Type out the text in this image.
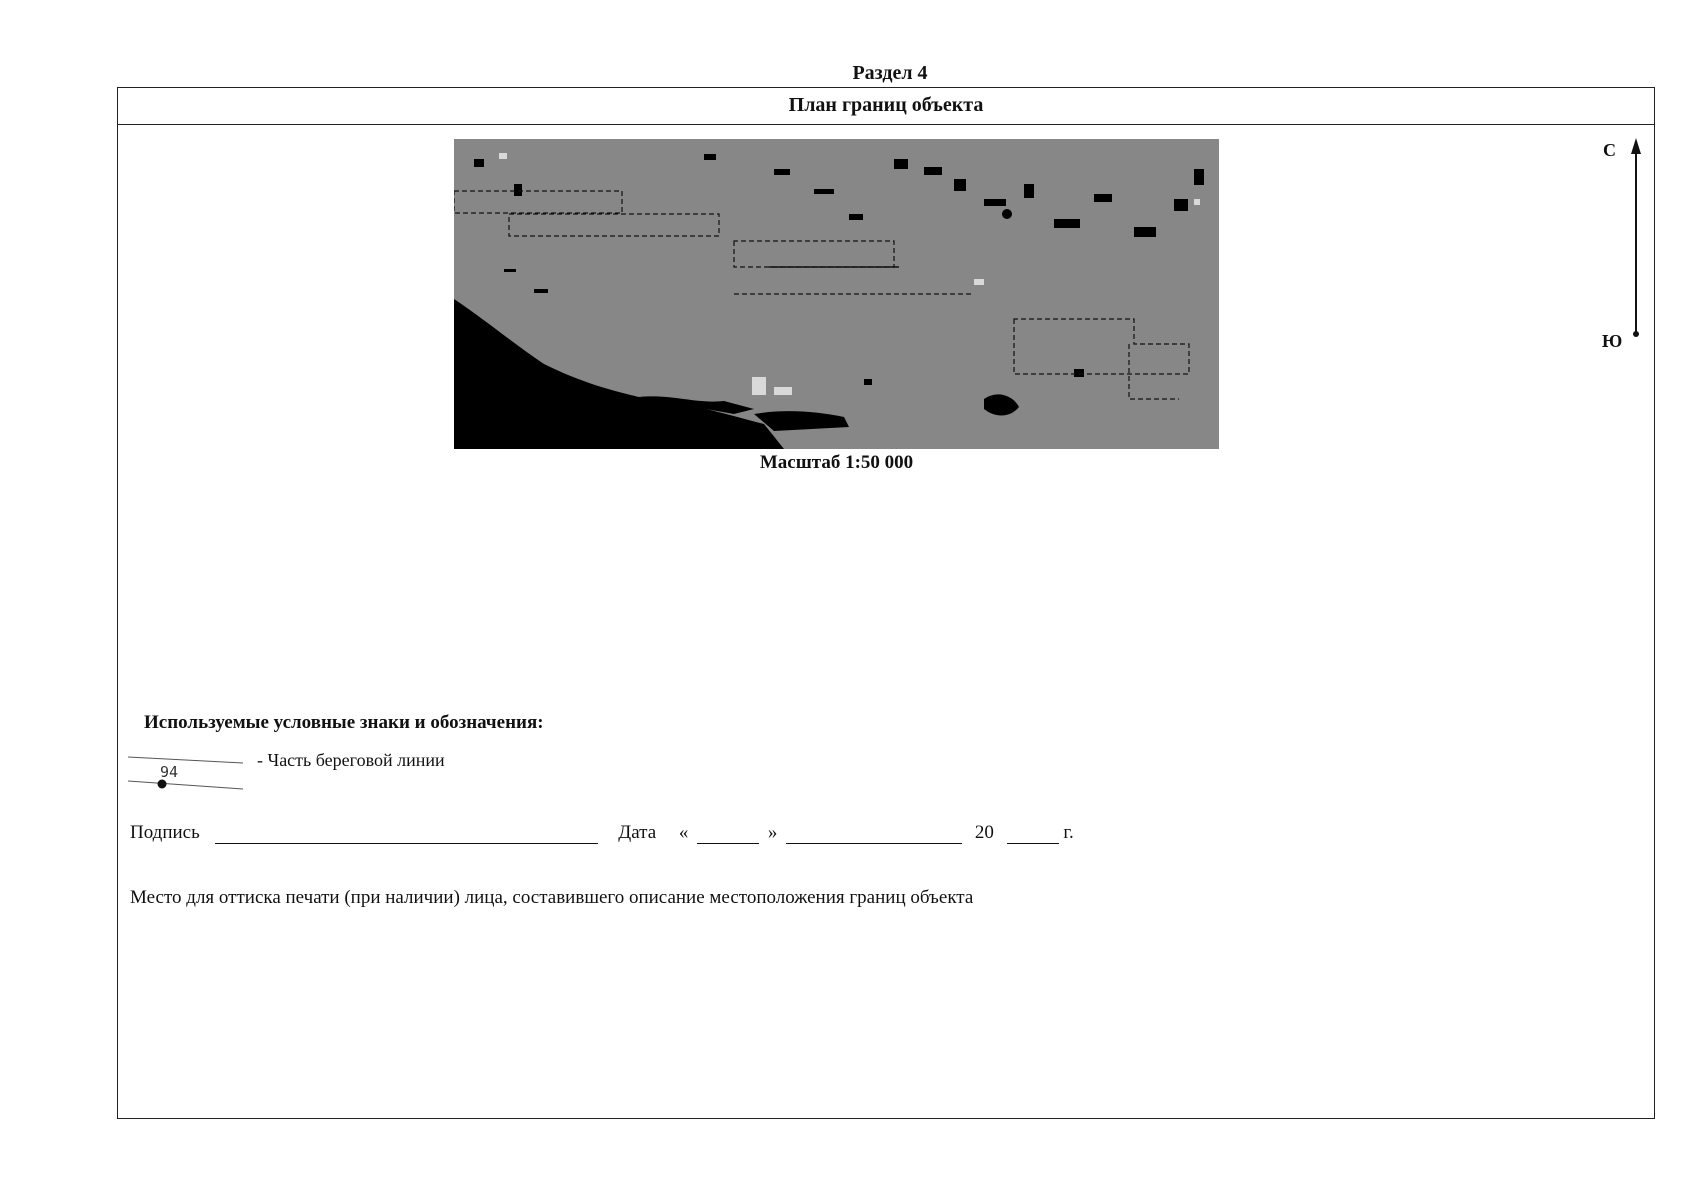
Раздел 4
План границ объекта
Масштаб 1:50 000
С
Ю
Используемые условные знаки и обозначения:
94
- Часть береговой линии
Подпись	Дата «	»	20	г.
Место для оттиска печати (при наличии) лица, составившего описание местоположения границ объекта
